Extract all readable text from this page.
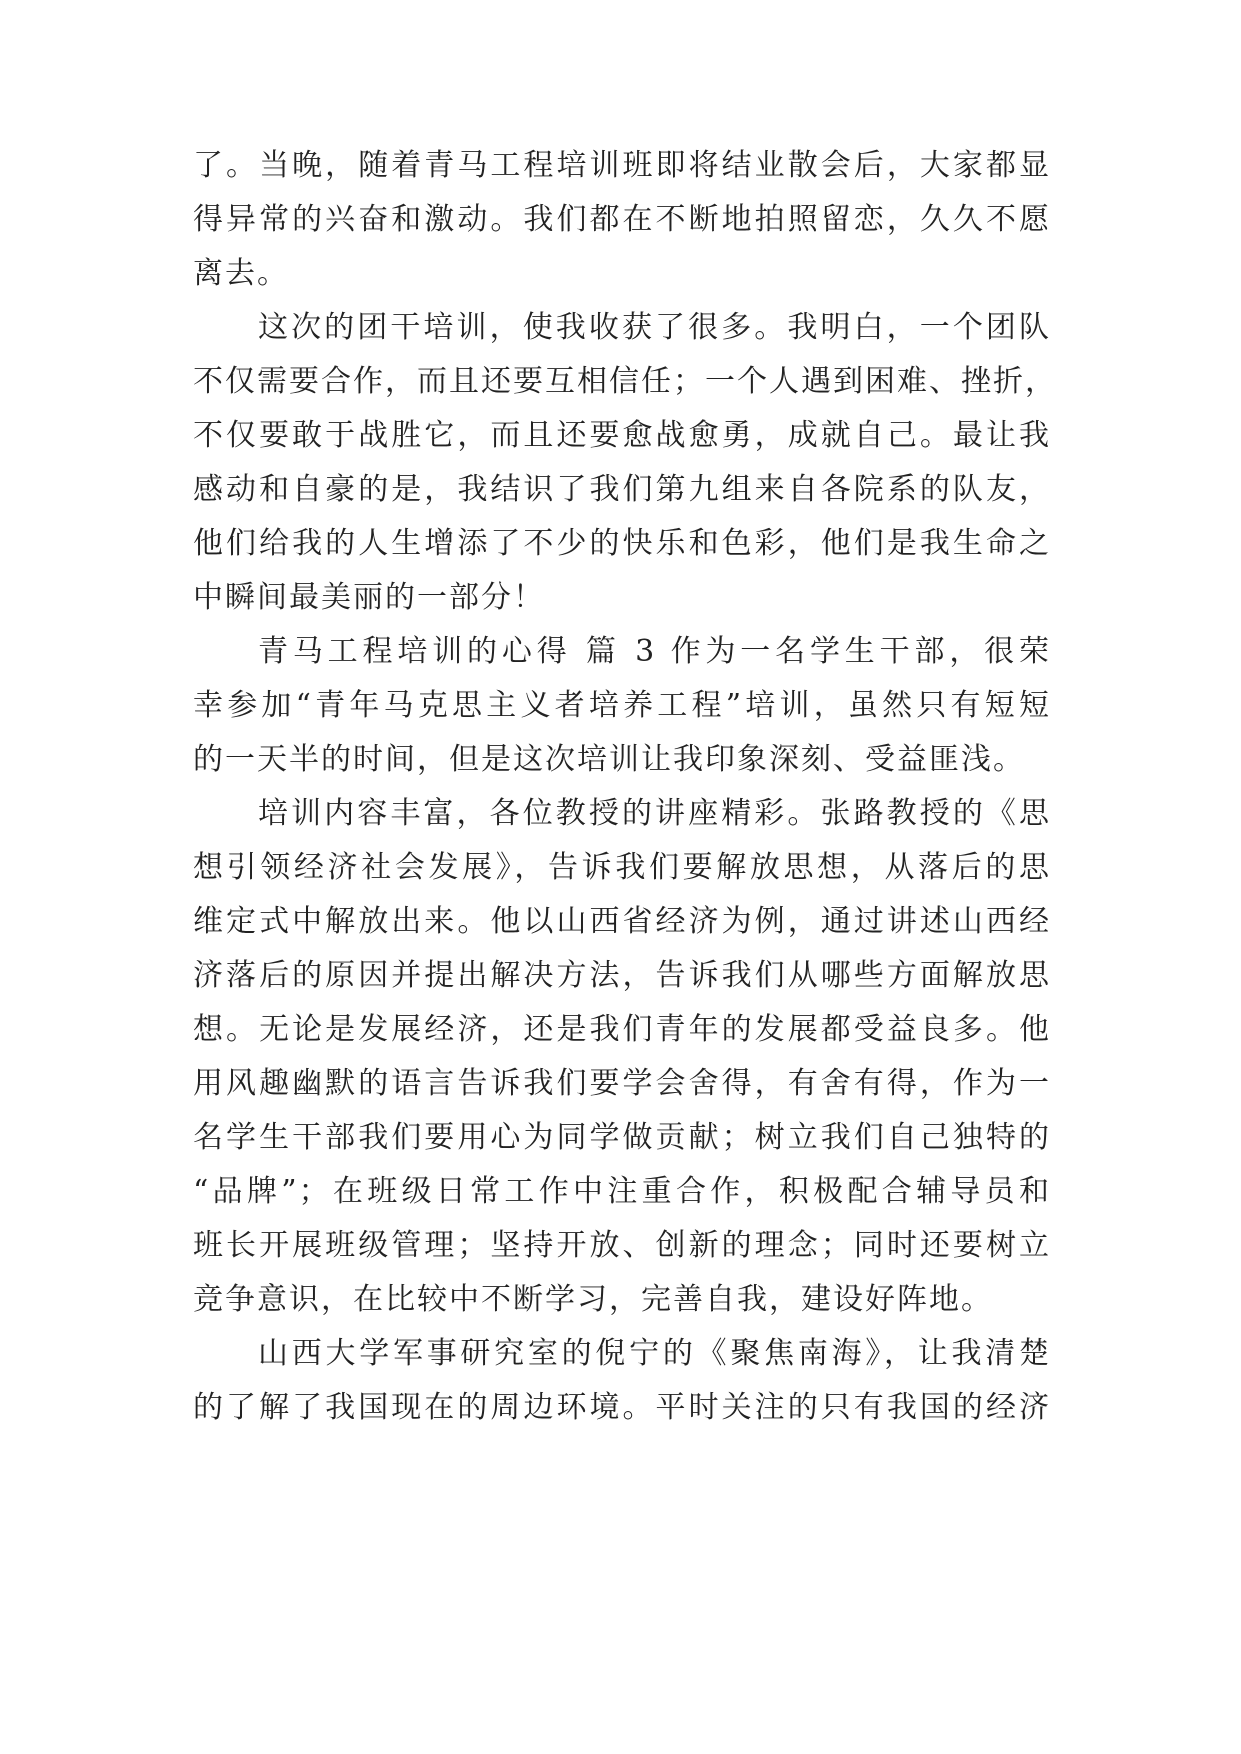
了。当晚，随着青马工程培训班即将结业散会后，大家都显
得异常的兴奋和激动。我们都在不断地拍照留恋，久久不愿
离去。
这次的团干培训，使我收获了很多。我明白，一个团队
不仅需要合作，而且还要互相信任；一个人遇到困难、挫折，
不仅要敢于战胜它，而且还要愈战愈勇，成就自己。最让我
感动和自豪的是，我结识了我们第九组来自各院系的队友，
他们给我的人生增添了不少的快乐和色彩，他们是我生命之
中瞬间最美丽的一部分！
青马工程培训的心得 篇 3 作为一名学生干部，很荣
幸参加“青年马克思主义者培养工程”培训，虽然只有短短
的一天半的时间，但是这次培训让我印象深刻、受益匪浅。
培训内容丰富，各位教授的讲座精彩。张路教授的《思
想引领经济社会发展》，告诉我们要解放思想，从落后的思
维定式中解放出来。他以山西省经济为例，通过讲述山西经
济落后的原因并提出解决方法，告诉我们从哪些方面解放思
想。无论是发展经济，还是我们青年的发展都受益良多。他
用风趣幽默的语言告诉我们要学会舍得，有舍有得，作为一
名学生干部我们要用心为同学做贡献；树立我们自己独特的
“品牌”；在班级日常工作中注重合作，积极配合辅导员和
班长开展班级管理；坚持开放、创新的理念；同时还要树立
竞争意识，在比较中不断学习，完善自我，建设好阵地。
山西大学军事研究室的倪宁的《聚焦南海》，让我清楚
的了解了我国现在的周边环境。平时关注的只有我国的经济
